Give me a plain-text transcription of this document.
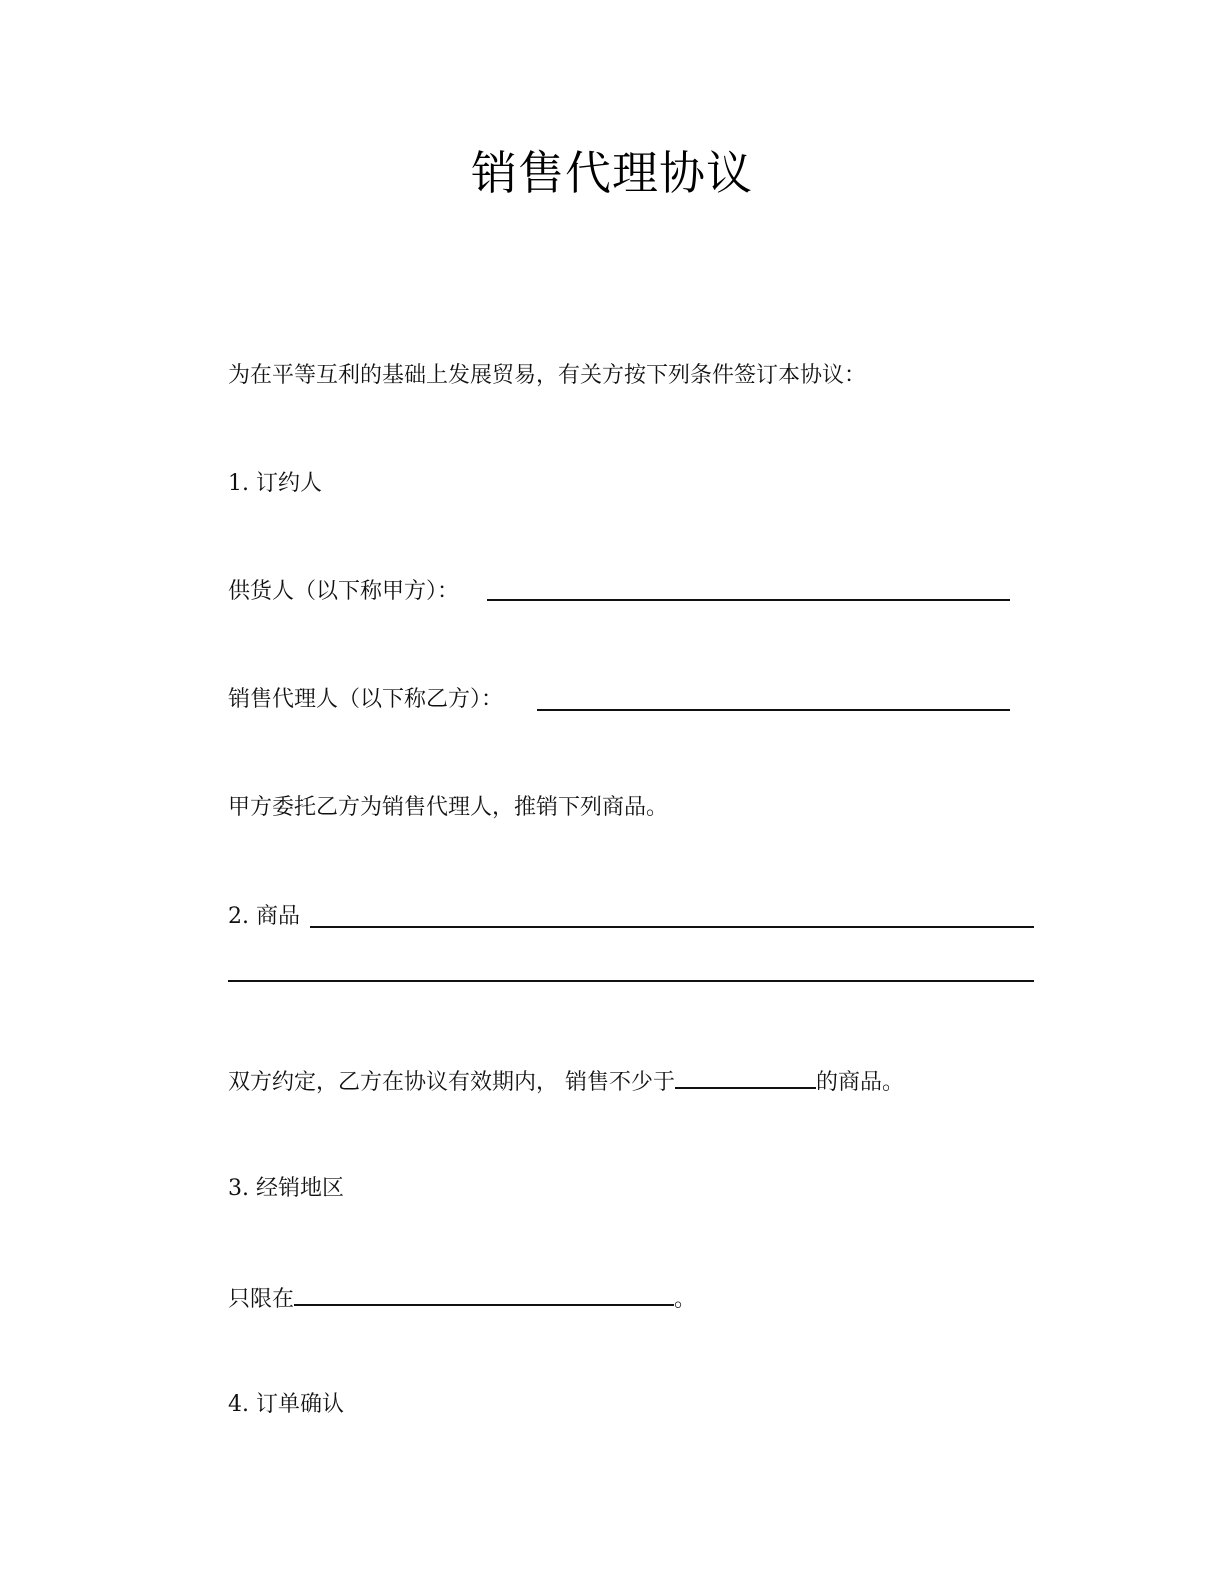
销售代理协议
为在平等互利的基础上发展贸易，有关方按下列条件签订本协议：
1. 订约人
供货人（以下称甲方）：
销售代理人（以下称乙方）：
甲方委托乙方为销售代理人，推销下列商品。
2. 商品
双方约定，乙方在协议有效期内， 销售不少于	的商品。
3. 经销地区
只限在	。
4. 订单确认
